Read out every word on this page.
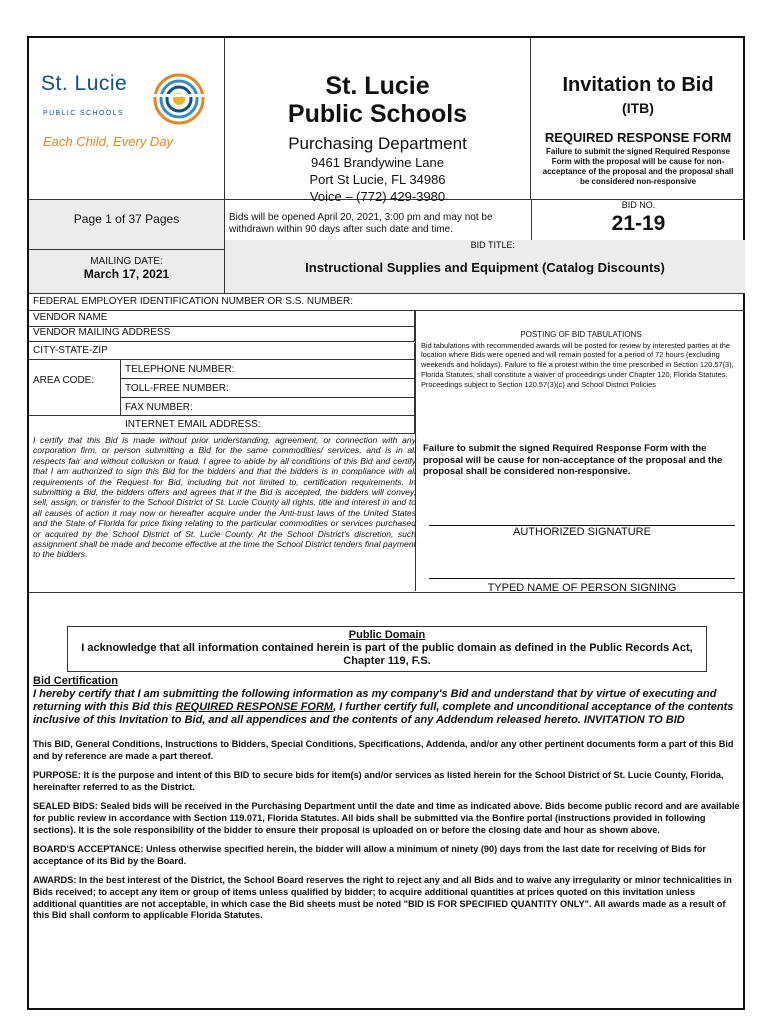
St. Lucie
PUBLIC SCHOOLS
Each Child, Every Day
St. Lucie
Public Schools
Purchasing Department
9461 Brandywine Lane
Port St Lucie, FL 34986
Voice – (772) 429-3980
Invitation to Bid
(ITB)
REQUIRED RESPONSE FORM
Failure to submit the signed Required Response Form with the proposal will be cause for non-acceptance of the proposal and the proposal shall be considered non-responsive
Page 1 of 37 Pages	Bids will be opened April 20, 2021, 3:00 pm and may not be withdrawn within 90 days after such date and time.
BID NO.
21-19
MAILING DATE:
March 17, 2021
BID TITLE:
Instructional Supplies and Equipment (Catalog Discounts)
FEDERAL EMPLOYER IDENTIFICATION NUMBER OR S.S. NUMBER:
VENDOR NAME
VENDOR MAILING ADDRESS
CITY-STATE-ZIP
AREA CODE:
TELEPHONE NUMBER:
TOLL-FREE NUMBER:
FAX NUMBER:
INTERNET EMAIL ADDRESS:
POSTING OF BID TABULATIONS
Bid tabulations with recommended awards will be posted for review by interested parties at the location where Bids were opened and will remain posted for a period of 72 hours (excluding weekends and holidays). Failure to file a protest within the time prescribed in Section 120.57(3), Florida Statutes, shall constitute a waiver of proceedings under Chapter 120, Florida Statutes. Proceedings subject to Section 120.57(3)(c) and School District Policies
I certify that this Bid is made without prior understanding, agreement, or connection with any corporation firm, or person submitting a Bid for the same commodities/ services, and is in all respects fair and without collusion or fraud. I agree to abide by all conditions of this Bid and certify that I am authorized to sign this Bid for the bidders and that the bidders is in compliance with all requirements of the Request for Bid, including but not limited to, certification requirements. In submitting a Bid, the bidders offers and agrees that if the Bid is accepted, the bidders will convey, sell, assign, or transfer to the School District of St. Lucie County all rights, title and interest in and to all causes of action it may now or hereafter acquire under the Anti-trust laws of the United States and the State of Florida for price fixing relating to the particular commodities or services purchased or acquired by the School District of St. Lucie County. At the School District's discretion, such assignment shall be made and become effective at the time the School District tenders final payment to the bidders.
Failure to submit the signed Required Response Form with the proposal will be cause for non-acceptance of the proposal and the proposal shall be considered non-responsive.
AUTHORIZED SIGNATURE
TYPED NAME OF PERSON SIGNING
Public Domain
I acknowledge that all information contained herein is part of the public domain as defined in the Public Records Act, Chapter 119, F.S.

Bid Certification

I hereby certify that I am submitting the following information as my company's Bid and understand that by virtue of executing and returning with this Bid this REQUIRED RESPONSE FORM, I further certify full, complete and unconditional acceptance of the contents inclusive of this Invitation to Bid, and all appendices and the contents of any Addendum released hereto. INVITATION TO BID

This BID, General Conditions, Instructions to Bidders, Special Conditions, Specifications, Addenda, and/or any other pertinent documents form a part of this Bid and by reference are made a part thereof.

PURPOSE: It is the purpose and intent of this BID to secure bids for item(s) and/or services as listed herein for the School District of St. Lucie County, Florida, hereinafter referred to as the District.

SEALED BIDS: Sealed bids will be received in the Purchasing Department until the date and time as indicated above. Bids become public record and are available for public review in accordance with Section 119.071, Florida Statutes. All bids shall be submitted via the Bonfire portal (instructions provided in following sections). It is the sole responsibility of the bidder to ensure their proposal is uploaded on or before the closing date and hour as shown above.

BOARD'S ACCEPTANCE: Unless otherwise specified herein, the bidder will allow a minimum of ninety (90) days from the last date for receiving of Bids for acceptance of its Bid by the Board.

AWARDS: In the best interest of the District, the School Board reserves the right to reject any and all Bids and to waive any irregularity or minor technicalities in Bids received; to accept any item or group of items unless qualified by bidder; to acquire additional quantities at prices quoted on this invitation unless additional quantities are not acceptable, in which case the Bid sheets must be noted "BID IS FOR SPECIFIED QUANTITY ONLY". All awards made as a result of this Bid shall conform to applicable Florida Statutes.
